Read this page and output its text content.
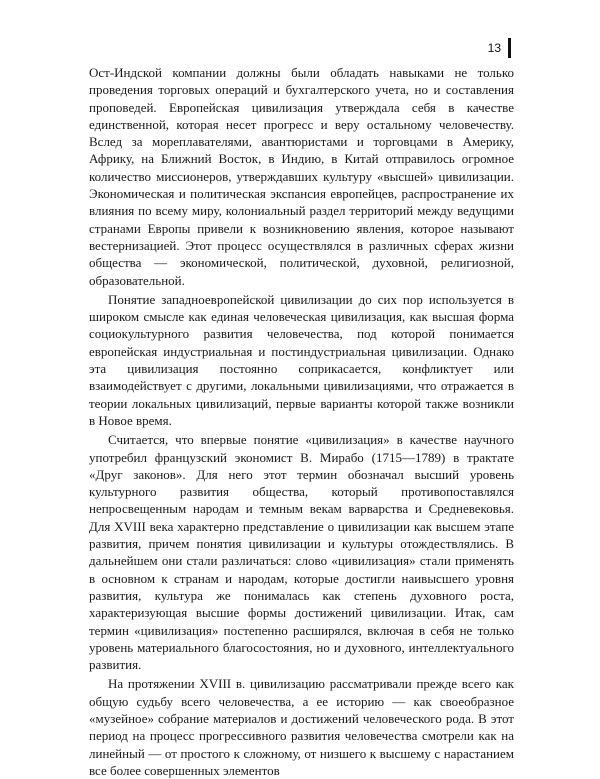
13

Ост-Индской компании должны были обладать навыками не только проведения торговых операций и бухгалтерского учета, но и составления проповедей. Европейская цивилизация утверждала себя в качестве единственной, которая несет прогресс и веру остальному человечеству. Вслед за мореплавателями, авантюристами и торговцами в Америку, Африку, на Ближний Восток, в Индию, в Китай отправилось огромное количество миссионеров, утверждавших культуру «высшей» цивилизации. Экономическая и политическая экспансия европейцев, распространение их влияния по всему миру, колониальный раздел территорий между ведущими странами Европы привели к возникновению явления, которое называют вестернизацией. Этот процесс осуществлялся в различных сферах жизни общества — экономической, политической, духовной, религиозной, образовательной.

Понятие западноевропейской цивилизации до сих пор используется в широком смысле как единая человеческая цивилизация, как высшая форма социокультурного развития человечества, под которой понимается европейская индустриальная и постиндустриальная цивилизации. Однако эта цивилизация постоянно соприкасается, конфликтует или взаимодействует с другими, локальными цивилизациями, что отражается в теории локальных цивилизаций, первые варианты которой также возникли в Новое время.

Считается, что впервые понятие «цивилизация» в качестве научного употребил французский экономист В. Мирабо (1715—1789) в трактате «Друг законов». Для него этот термин обозначал высший уровень культурного развития общества, который противопоставлялся непросвещенным народам и темным векам варварства и Средневековья. Для XVIII века характерно представление о цивилизации как высшем этапе развития, причем понятия цивилизации и культуры отождествлялись. В дальнейшем они стали различаться: слово «цивилизация» стали применять в основном к странам и народам, которые достигли наивысшего уровня развития, культура же понималась как степень духовного роста, характеризующая высшие формы достижений цивилизации. Итак, сам термин «цивилизация» постепенно расширялся, включая в себя не только уровень материального благосостояния, но и духовного, интеллектуального развития.

На протяжении XVIII в. цивилизацию рассматривали прежде всего как общую судьбу всего человечества, а ее историю — как своеобразное «музейное» собрание материалов и достижений человеческого рода. В этот период на процесс прогрессивного развития человечества смотрели как на линейный — от простого к сложному, от низшего к высшему с нарастанием все более совершенных элементов
